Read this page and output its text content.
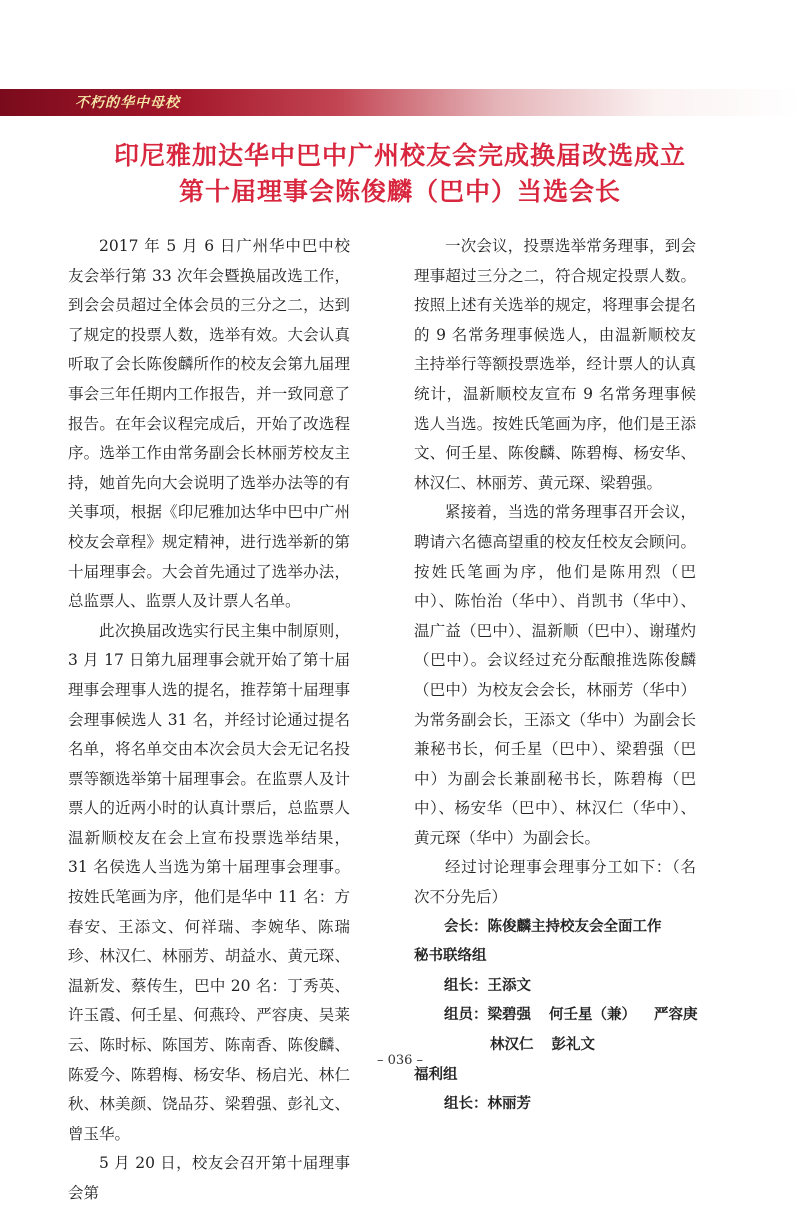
不朽的华中母校
印尼雅加达华中巴中广州校友会完成换届改选成立
第十届理事会陈俊麟（巴中）当选会长

2017 年 5 月 6 日广州华中巴中校友会举行第 33 次年会暨换届改选工作，到会会员超过全体会员的三分之二，达到了规定的投票人数，选举有效。大会认真听取了会长陈俊麟所作的校友会第九届理事会三年任期内工作报告，并一致同意了报告。在年会议程完成后，开始了改选程序。选举工作由常务副会长林丽芳校友主持，她首先向大会说明了选举办法等的有关事项，根据《印尼雅加达华中巴中广州校友会章程》规定精神，进行选举新的第十届理事会。大会首先通过了选举办法，总监票人、监票人及计票人名单。

此次换届改选实行民主集中制原则，3 月 17 日第九届理事会就开始了第十届理事会理事人选的提名，推荐第十届理事会理事候选人 31 名，并经讨论通过提名名单，将名单交由本次会员大会无记名投票等额选举第十届理事会。在监票人及计票人的近两小时的认真计票后，总监票人温新顺校友在会上宣布投票选举结果，31 名侯选人当选为第十届理事会理事。按姓氏笔画为序，他们是华中 11 名：方春安、王添文、何祥瑞、李婉华、陈瑞珍、林汉仁、林丽芳、胡益水、黄元琛、温新发、蔡传生，巴中 20 名：丁秀英、许玉霞、何壬星、何燕玲、严容庚、吴莱云、陈时标、陈国芳、陈南香、陈俊麟、陈爱今、陈碧梅、杨安华、杨启光、林仁秋、林美颜、饶品芬、梁碧强、彭礼文、曾玉华。

5 月 20 日，校友会召开第十届理事会第

一次会议，投票选举常务理事，到会理事超过三分之二，符合规定投票人数。按照上述有关选举的规定，将理事会提名的 9 名常务理事候选人，由温新顺校友主持举行等额投票选举，经计票人的认真统计，温新顺校友宣布 9 名常务理事候选人当选。按姓氏笔画为序，他们是王添文、何壬星、陈俊麟、陈碧梅、杨安华、林汉仁、林丽芳、黄元琛、梁碧强。

紧接着，当选的常务理事召开会议，聘请六名德高望重的校友任校友会顾问。按姓氏笔画为序，他们是陈用烈（巴中）、陈怡治（华中）、肖凯书（华中）、温广益（巴中）、温新顺（巴中）、谢瑾灼（巴中）。会议经过充分酝酿推选陈俊麟（巴中）为校友会会长，林丽芳（华中）为常务副会长，王添文（华中）为副会长兼秘书长，何壬星（巴中）、梁碧强（巴中）为副会长兼副秘书长，陈碧梅（巴中）、杨安华（巴中）、林汉仁（华中）、黄元琛（华中）为副会长。

经过讨论理事会理事分工如下：（名次不分先后）

会长：陈俊麟主持校友会全面工作
秘书联络组
组长：王添文
组员：梁碧强 何壬星（兼） 严容庚
林汉仁 彭礼文
福利组
组长：林丽芳
– 036 –
